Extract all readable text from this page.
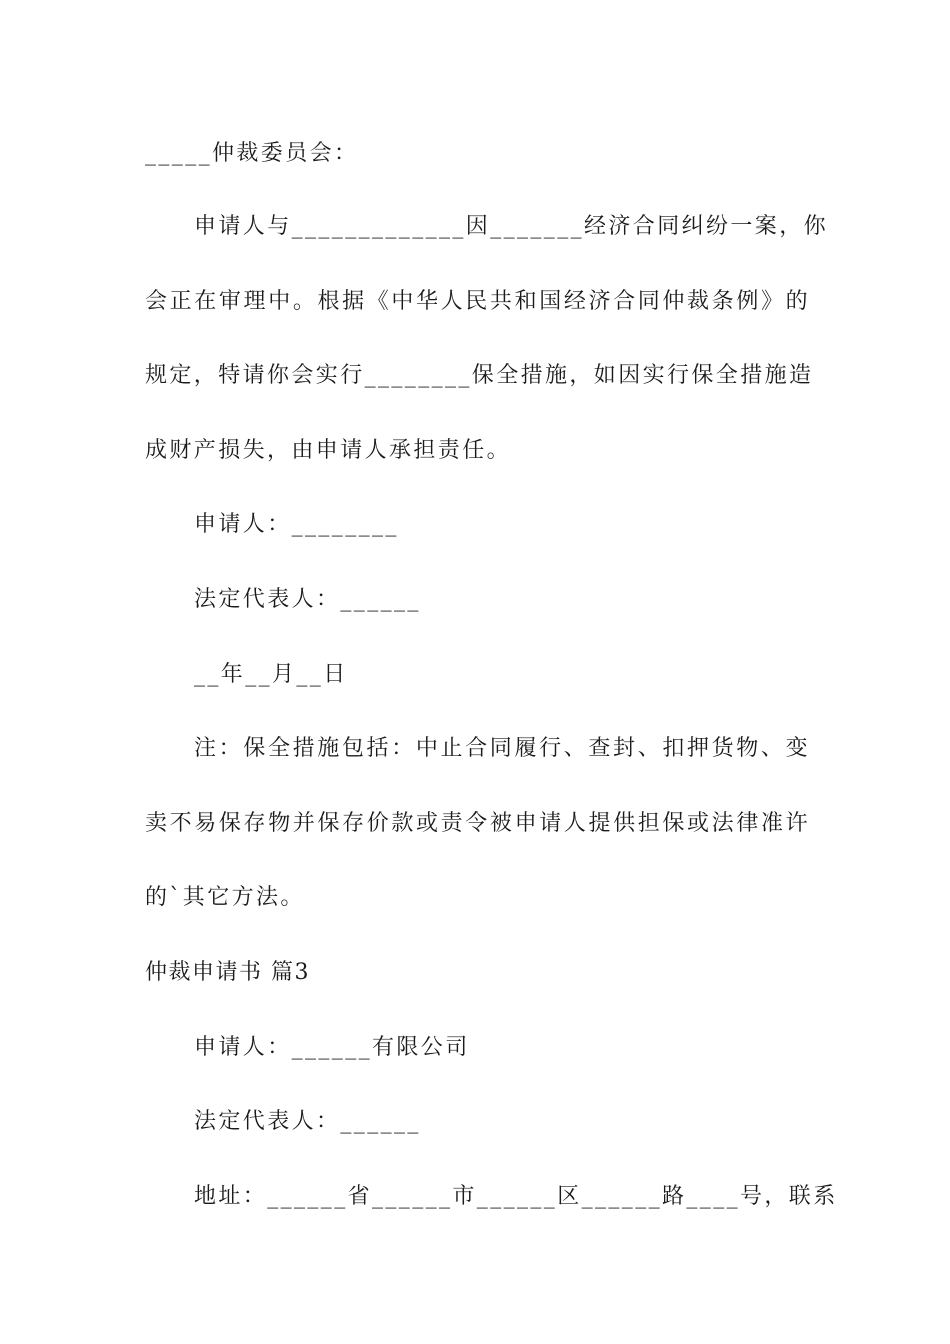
_____仲裁委员会：
申请人与_____________因_______经济合同纠纷一案，你
会正在审理中。根据《中华人民共和国经济合同仲裁条例》的
规定，特请你会实行________保全措施，如因实行保全措施造
成财产损失，由申请人承担责任。
申请人：________
法定代表人：______
__年__月__日
注：保全措施包括：中止合同履行、查封、扣押货物、变
卖不易保存物并保存价款或责令被申请人提供担保或法律准许
的`其它方法。
仲裁申请书 篇3
申请人：______有限公司
法定代表人：______
地址：______省______市______区______路____号，联系
